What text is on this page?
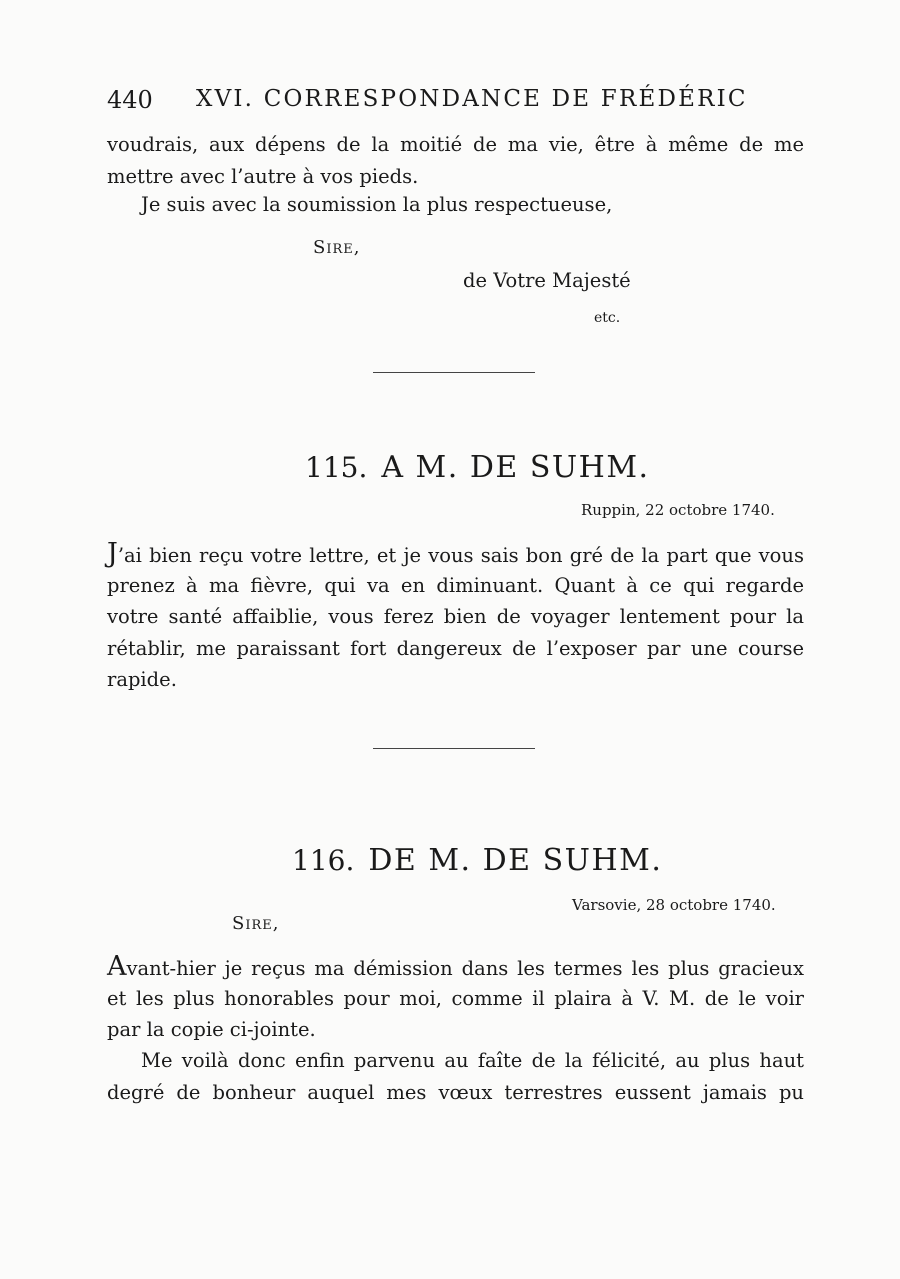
440 XVI. CORRESPONDANCE DE FRÉDÉRIC
voudrais, aux dépens de la moitié de ma vie, être à même de me
mettre avec l’autre à vos pieds.
Je suis avec la soumission la plus respectueuse,
Sire,
de Votre Majesté
etc.
115. A M. DE SUHM.
Ruppin, 22 octobre 1740.
J’ai bien reçu votre lettre, et je vous sais bon gré de la part que vous
prenez à ma fièvre, qui va en diminuant. Quant à ce qui regarde
votre santé affaiblie, vous ferez bien de voyager lentement pour la
rétablir, me paraissant fort dangereux de l’exposer par une course
rapide.
116. DE M. DE SUHM.
Varsovie, 28 octobre 1740.
Sire,
Avant-hier je reçus ma démission dans les termes les plus gracieux
et les plus honorables pour moi, comme il plaira à V. M. de le voir
par la copie ci-jointe.
Me voilà donc enfin parvenu au faîte de la félicité, au plus haut
degré de bonheur auquel mes vœux terrestres eussent jamais pu
